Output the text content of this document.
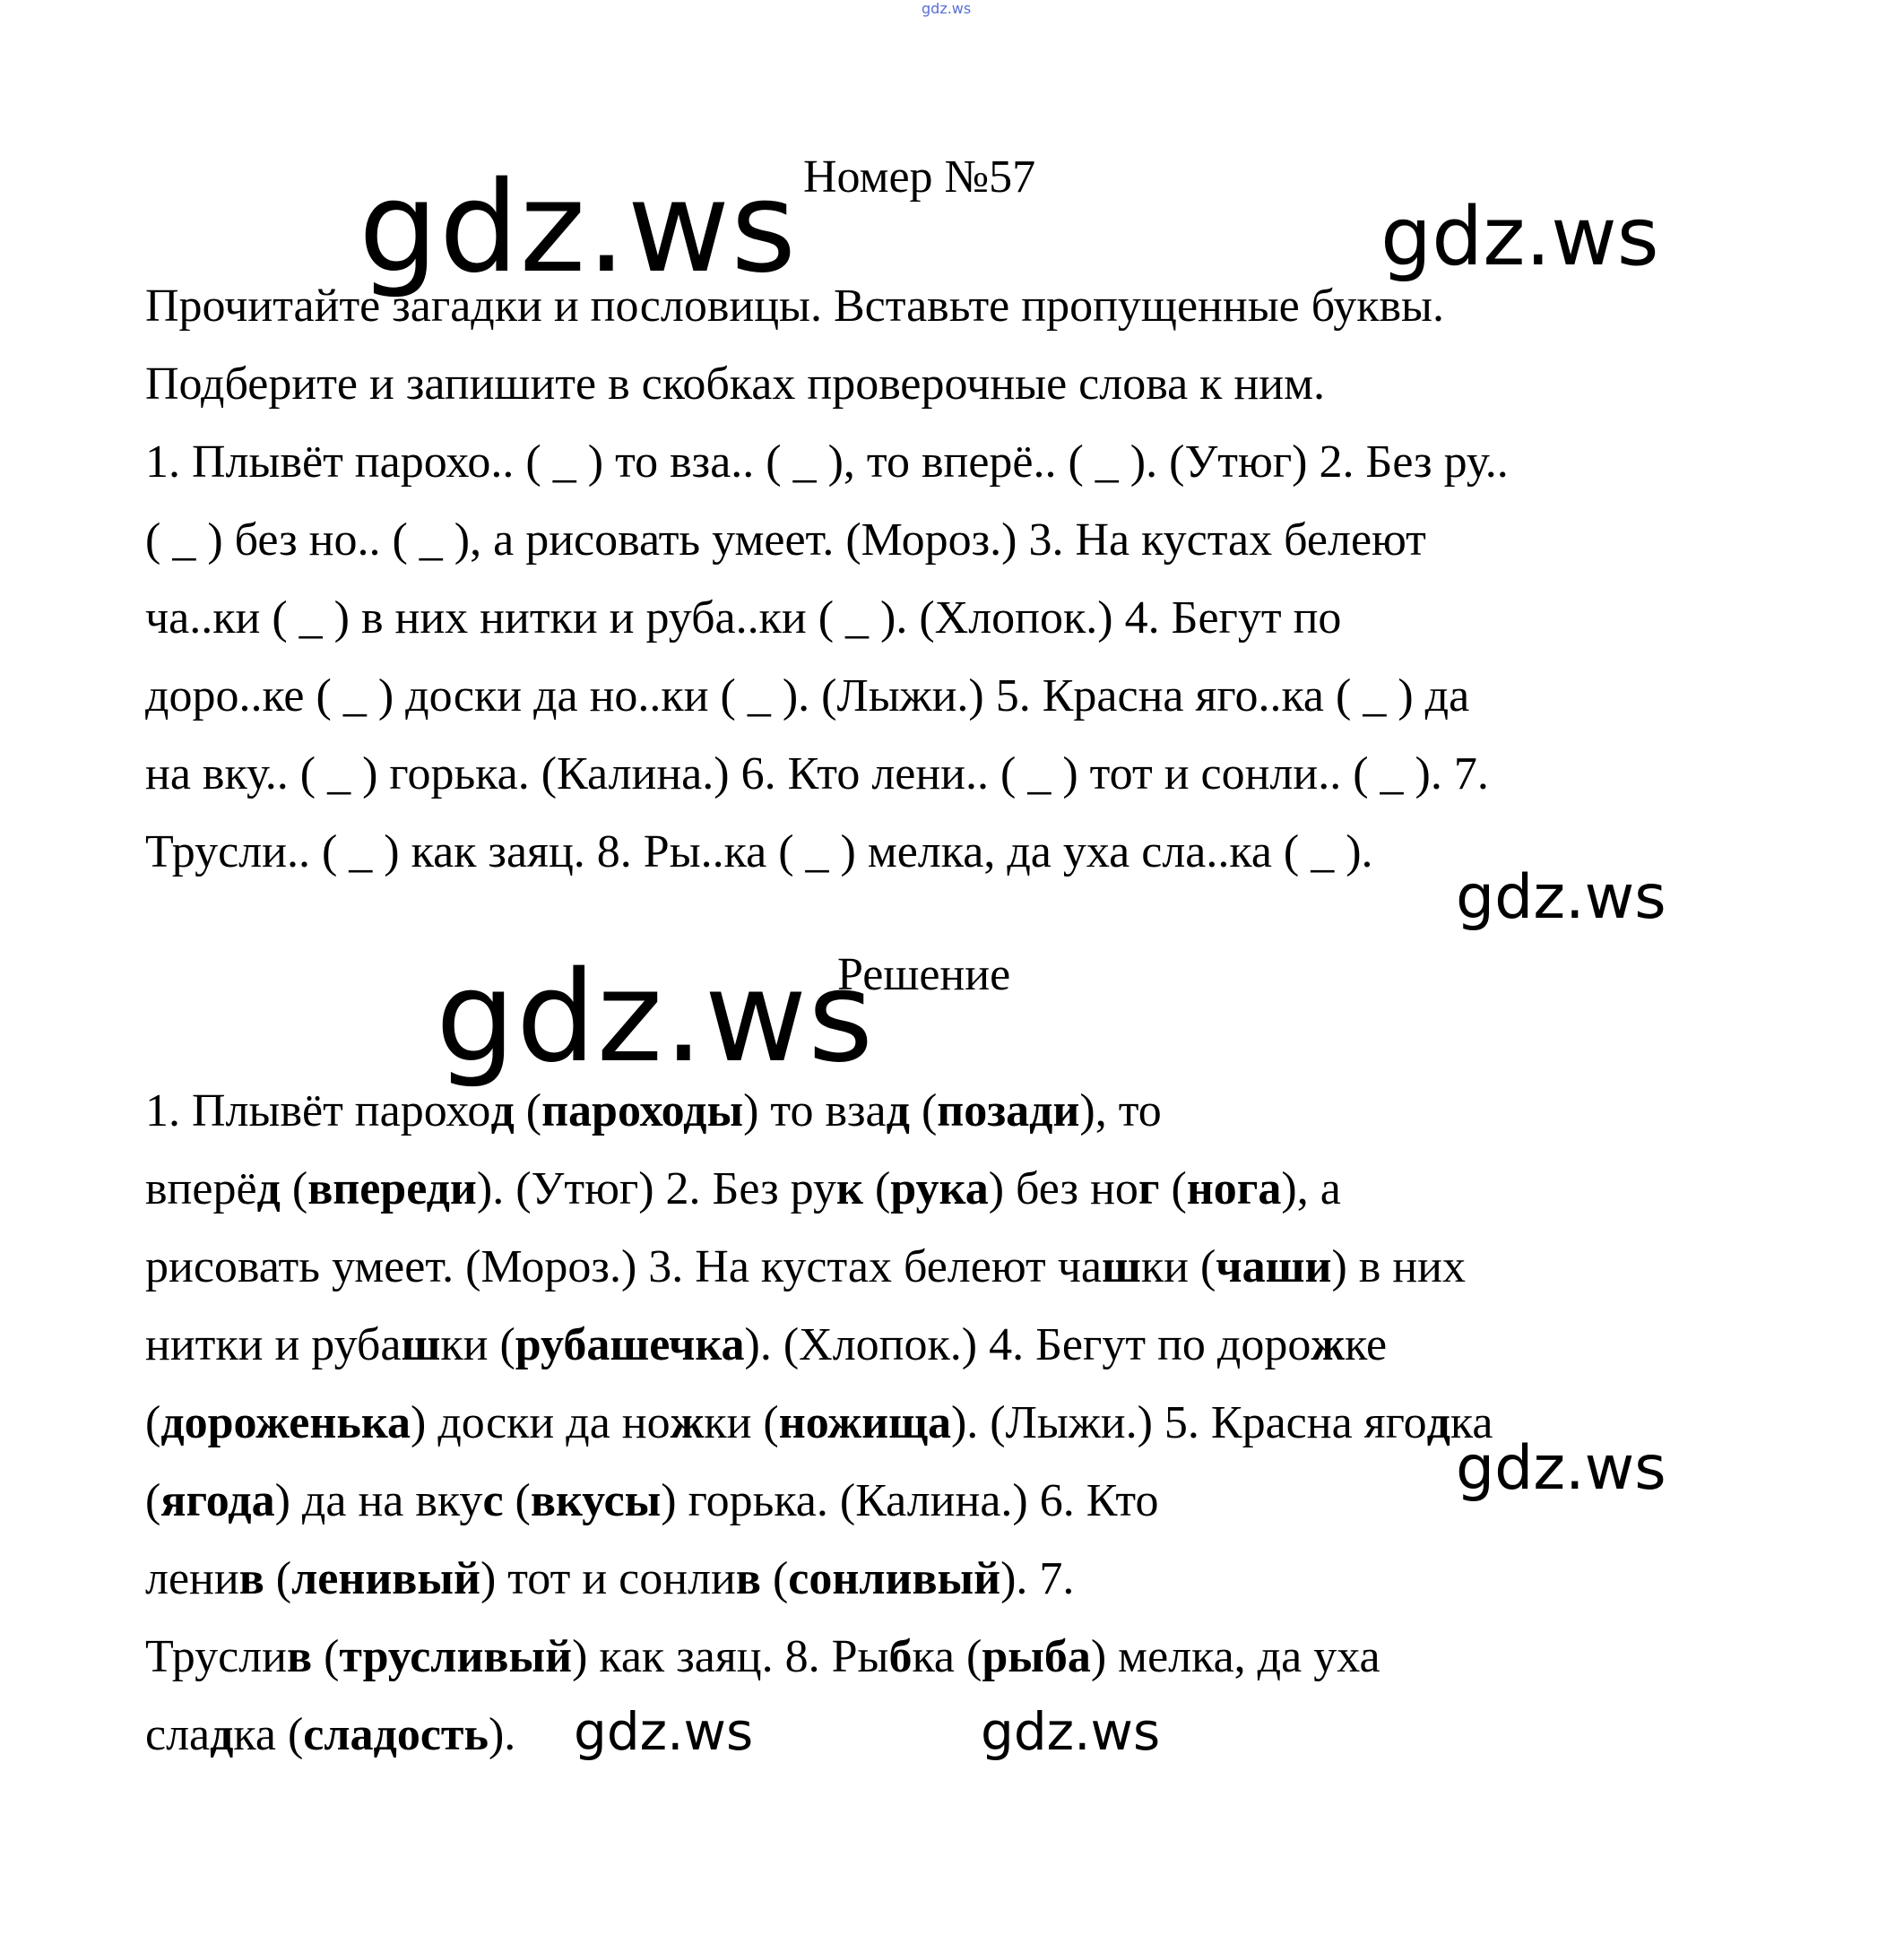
gdz.ws
gdz.ws	gdz.ws
gdz.ws
gdz.ws
gdz.ws
gdz.ws	gdz.ws
Номер №57
Прочитайте загадки и пословицы. Вставьте пропущенные буквы.
Подберите и запишите в скобках проверочные слова к ним.
1. Плывёт парохо.. ( _ ) то вза.. ( _ ), то вперё.. ( _ ). (Утюг) 2. Без ру..
( _ ) без но.. ( _ ), а рисовать умеет. (Мороз.) 3. На кустах белеют
ча..ки ( _ ) в них нитки и руба..ки ( _ ). (Хлопок.) 4. Бегут по
доро..ке ( _ ) доски да но..ки ( _ ). (Лыжи.) 5. Красна яго..ка ( _ ) да
на вку.. ( _ ) горька. (Калина.) 6. Кто лени.. ( _ ) тот и сонли.. ( _ ). 7.
Трусли.. ( _ ) как заяц. 8. Ры..ка ( _ ) мелка, да уха сла..ка ( _ ).
Решение
1. Плывёт пароход (пароходы) то взад (позади), то
вперёд (впереди). (Утюг) 2. Без рук (рука) без ног (нога), а
рисовать умеет. (Мороз.) 3. На кустах белеют чашки (чаши) в них
нитки и рубашки (рубашечка). (Хлопок.) 4. Бегут по дорожке
(дороженька) доски да ножки (ножища). (Лыжи.) 5. Красна ягодка
(ягода) да на вкус (вкусы) горька. (Калина.) 6. Кто
ленив (ленивый) тот и сонлив (сонливый). 7.
Труслив (трусливый) как заяц. 8. Рыбка (рыба) мелка, да уха
сладка (сладость).
